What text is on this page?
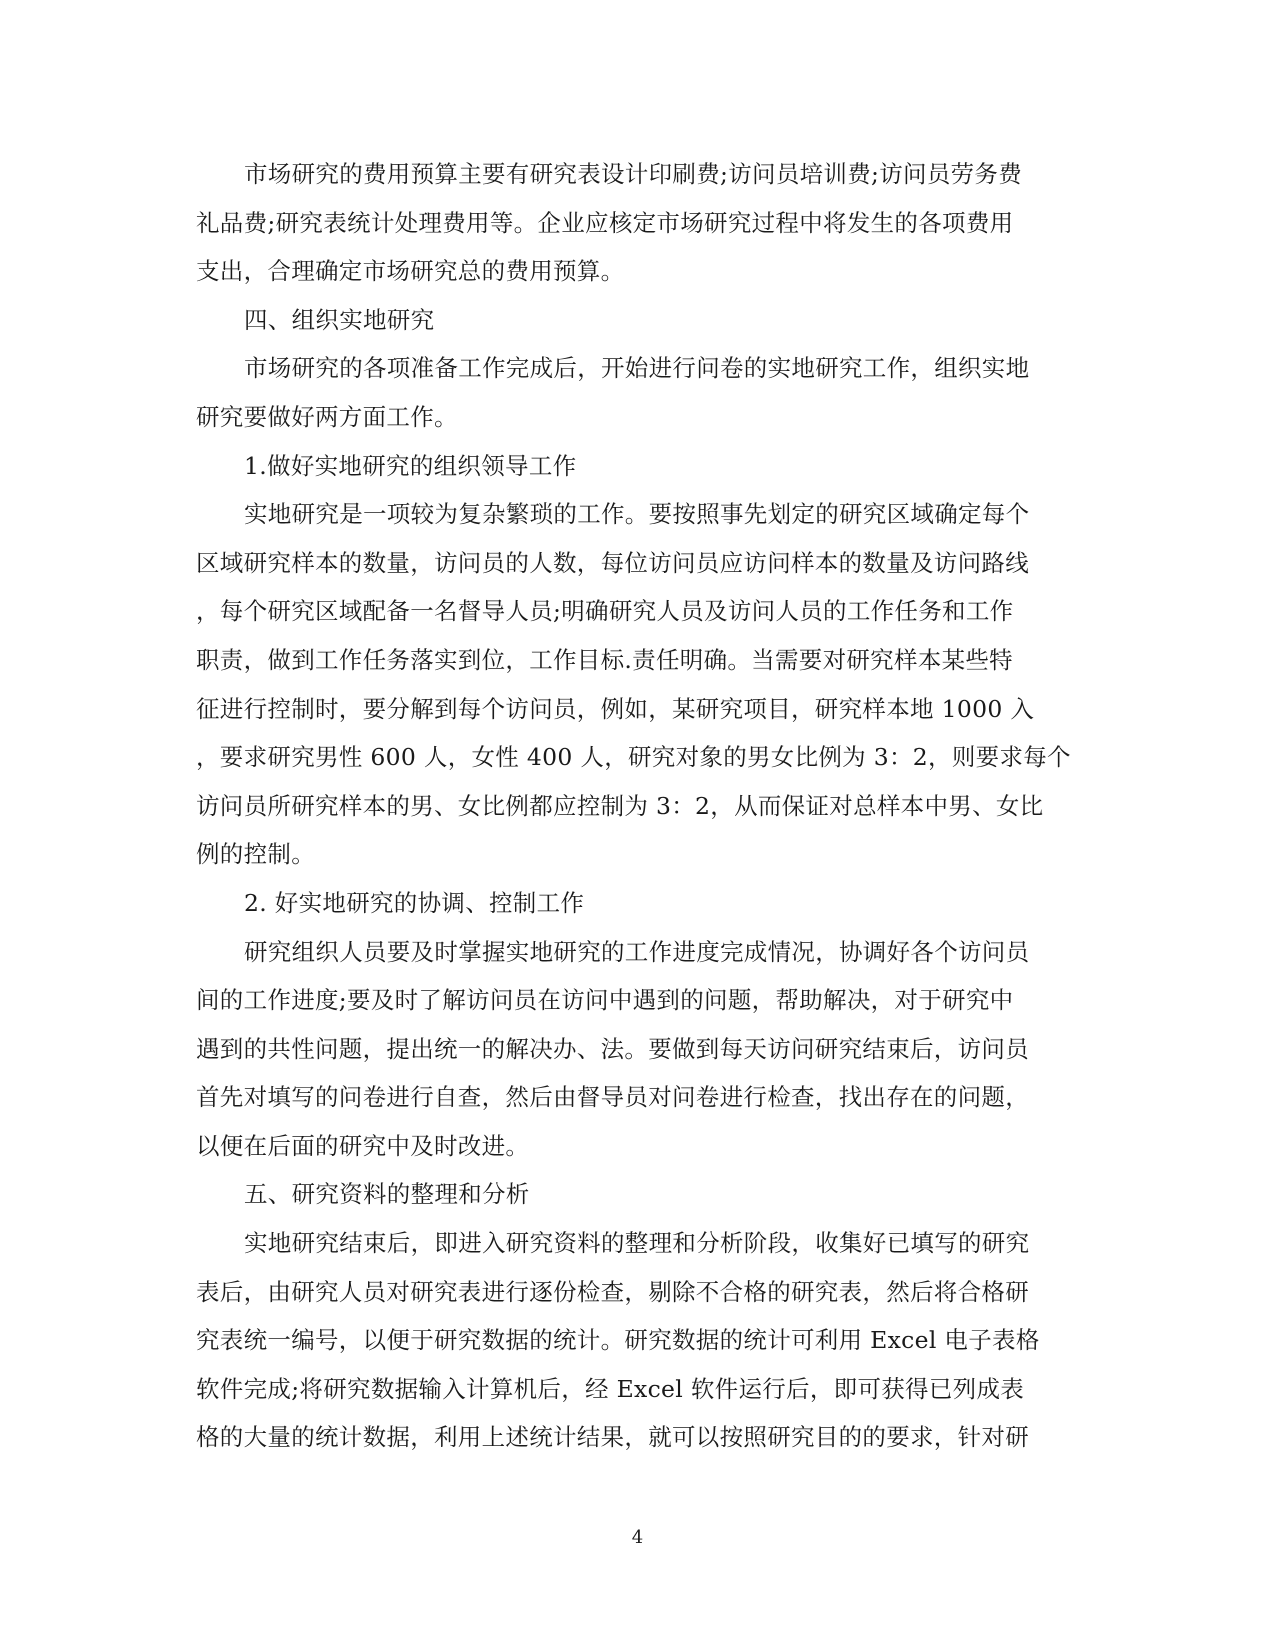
市场研究的费用预算主要有研究表设计印刷费;访问员培训费;访问员劳务费
礼品费;研究表统计处理费用等。企业应核定市场研究过程中将发生的各项费用
支出，合理确定市场研究总的费用预算。
四、组织实地研究
市场研究的各项准备工作完成后，开始进行问卷的实地研究工作，组织实地
研究要做好两方面工作。
1.做好实地研究的组织领导工作
实地研究是一项较为复杂繁琐的工作。要按照事先划定的研究区域确定每个
区域研究样本的数量，访问员的人数，每位访问员应访问样本的数量及访问路线
，每个研究区域配备一名督导人员;明确研究人员及访问人员的工作任务和工作
职责，做到工作任务落实到位，工作目标.责任明确。当需要对研究样本某些特
征进行控制时，要分解到每个访问员，例如，某研究项目，研究样本地 1000 入
，要求研究男性 600 人，女性 400 人，研究对象的男女比例为 3：2，则要求每个
访问员所研究样本的男、女比例都应控制为 3：2，从而保证对总样本中男、女比
例的控制。
2. 好实地研究的协调、控制工作
研究组织人员要及时掌握实地研究的工作进度完成情况，协调好各个访问员
间的工作进度;要及时了解访问员在访问中遇到的问题，帮助解决，对于研究中
遇到的共性问题，提出统一的解决办、法。要做到每天访问研究结束后，访问员
首先对填写的问卷进行自查，然后由督导员对问卷进行检查，找出存在的问题，
以便在后面的研究中及时改进。
五、研究资料的整理和分析
实地研究结束后，即进入研究资料的整理和分析阶段，收集好已填写的研究
表后，由研究人员对研究表进行逐份检查，剔除不合格的研究表，然后将合格研
究表统一编号，以便于研究数据的统计。研究数据的统计可利用 Excel 电子表格
软件完成;将研究数据输入计算机后，经 Excel 软件运行后，即可获得已列成表
格的大量的统计数据，利用上述统计结果，就可以按照研究目的的要求，针对研
4
